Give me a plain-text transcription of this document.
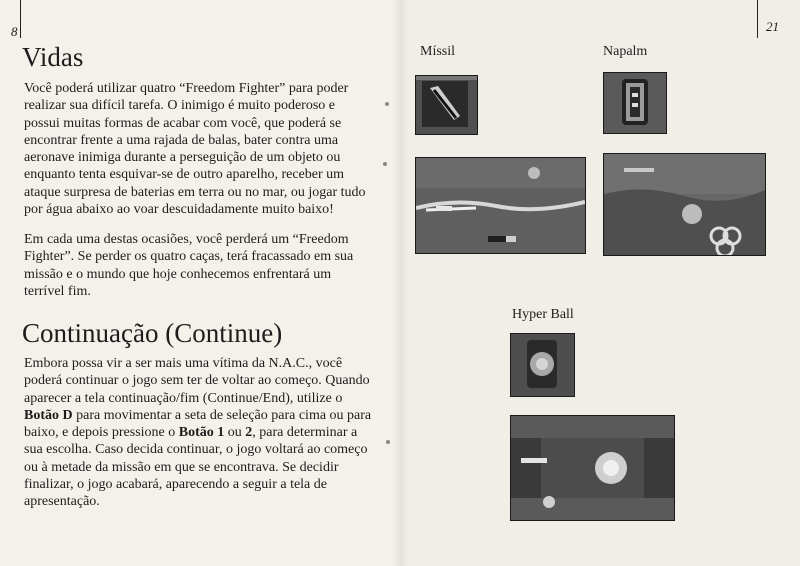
8	21
Vidas

Você poderá utilizar quatro “Freedom Fighter” para poder realizar sua difícil tarefa. O inimigo é muito poderoso e possui muitas formas de acabar com você, que poderá se encontrar frente a uma rajada de balas, bater contra uma aeronave inimiga durante a perseguição de um objeto ou enquanto tenta esquivar-se de outro aparelho, receber um ataque surpresa de baterias em terra ou no mar, ou jogar tudo por água abaixo ao voar descuidadamente muito baixo!

Em cada uma destas ocasiões, você perderá um “Freedom Fighter”. Se perder os quatro caças, terá fracassado em sua missão e o mundo que hoje conhecemos enfrentará um terrível fim.

Continuação (Continue)

Embora possa vir a ser mais uma vítima da N.A.C., você poderá continuar o jogo sem ter de voltar ao começo. Quando aparecer a tela continuação/fim (Continue/End), utilize o Botão D para movimentar a seta de seleção para cima ou para baixo, e depois pressione o Botão 1 ou 2, para determinar a sua escolha. Caso decida continuar, o jogo voltará ao começo ou à metade da missão em que se encontrava. Se decidir finalizar, o jogo acabará, aparecendo a seguir a tela de apresentação.

Míssil	Napalm
Hyper Ball
